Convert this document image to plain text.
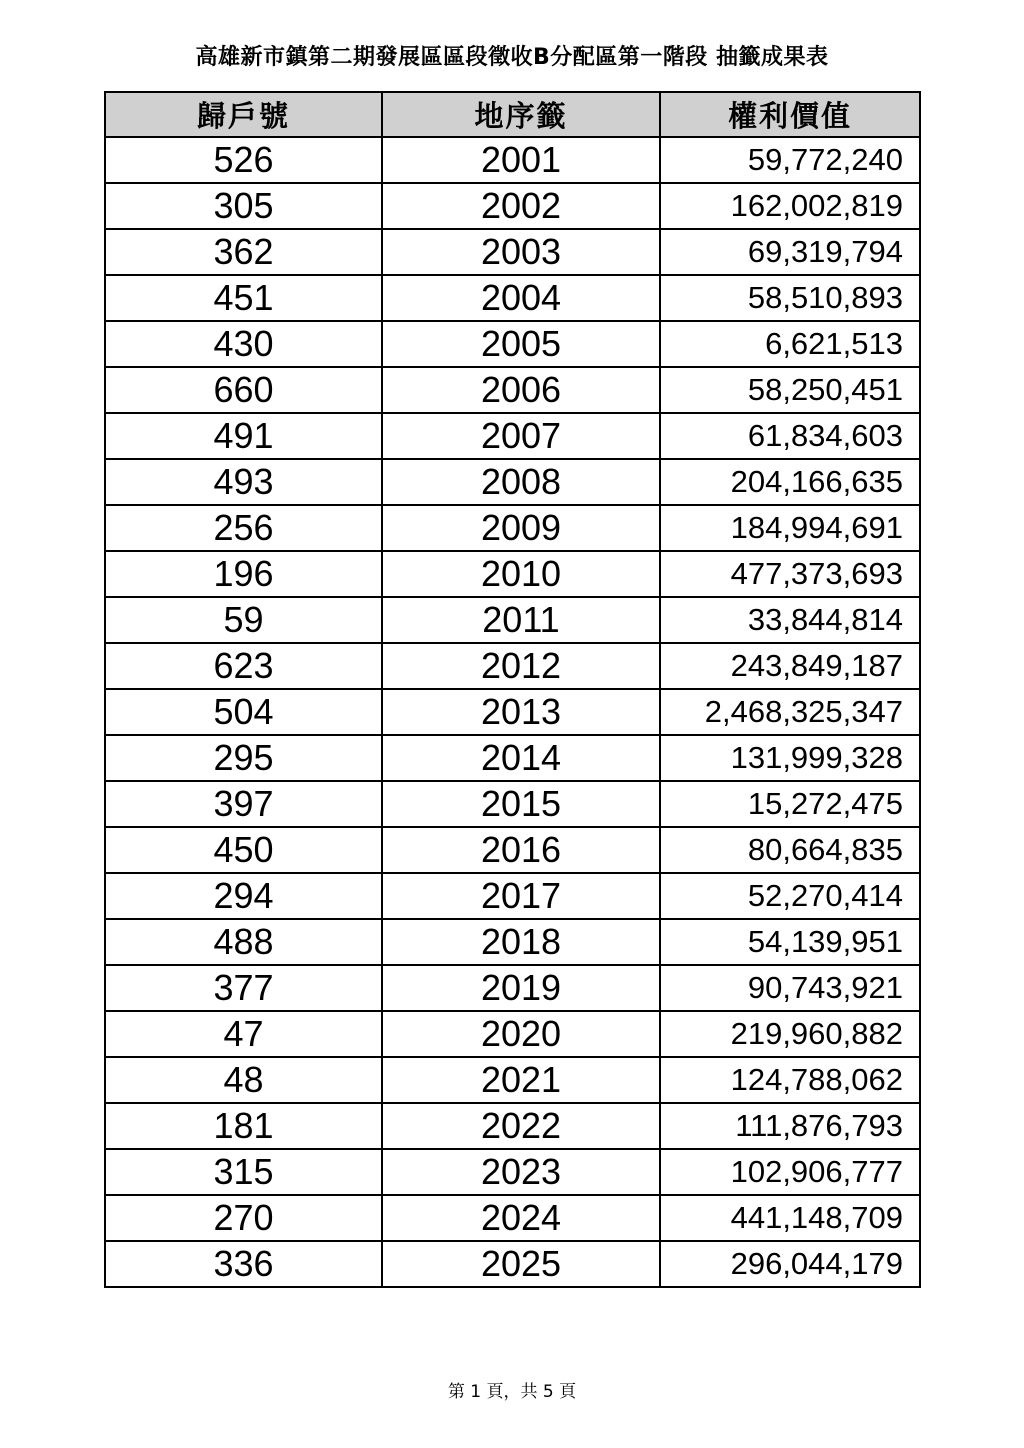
高雄新市鎮第二期發展區區段徵收B分配區第一階段 抽籤成果表
歸戶號	地序籤	權利價值
526	2001	59,772,240
305	2002	162,002,819
362	2003	69,319,794
451	2004	58,510,893
430	2005	6,621,513
660	2006	58,250,451
491	2007	61,834,603
493	2008	204,166,635
256	2009	184,994,691
196	2010	477,373,693
59	2011	33,844,814
623	2012	243,849,187
504	2013	2,468,325,347
295	2014	131,999,328
397	2015	15,272,475
450	2016	80,664,835
294	2017	52,270,414
488	2018	54,139,951
377	2019	90,743,921
47	2020	219,960,882
48	2021	124,788,062
181	2022	111,876,793
315	2023	102,906,777
270	2024	441,148,709
336	2025	296,044,179
第 1 頁，共 5 頁
